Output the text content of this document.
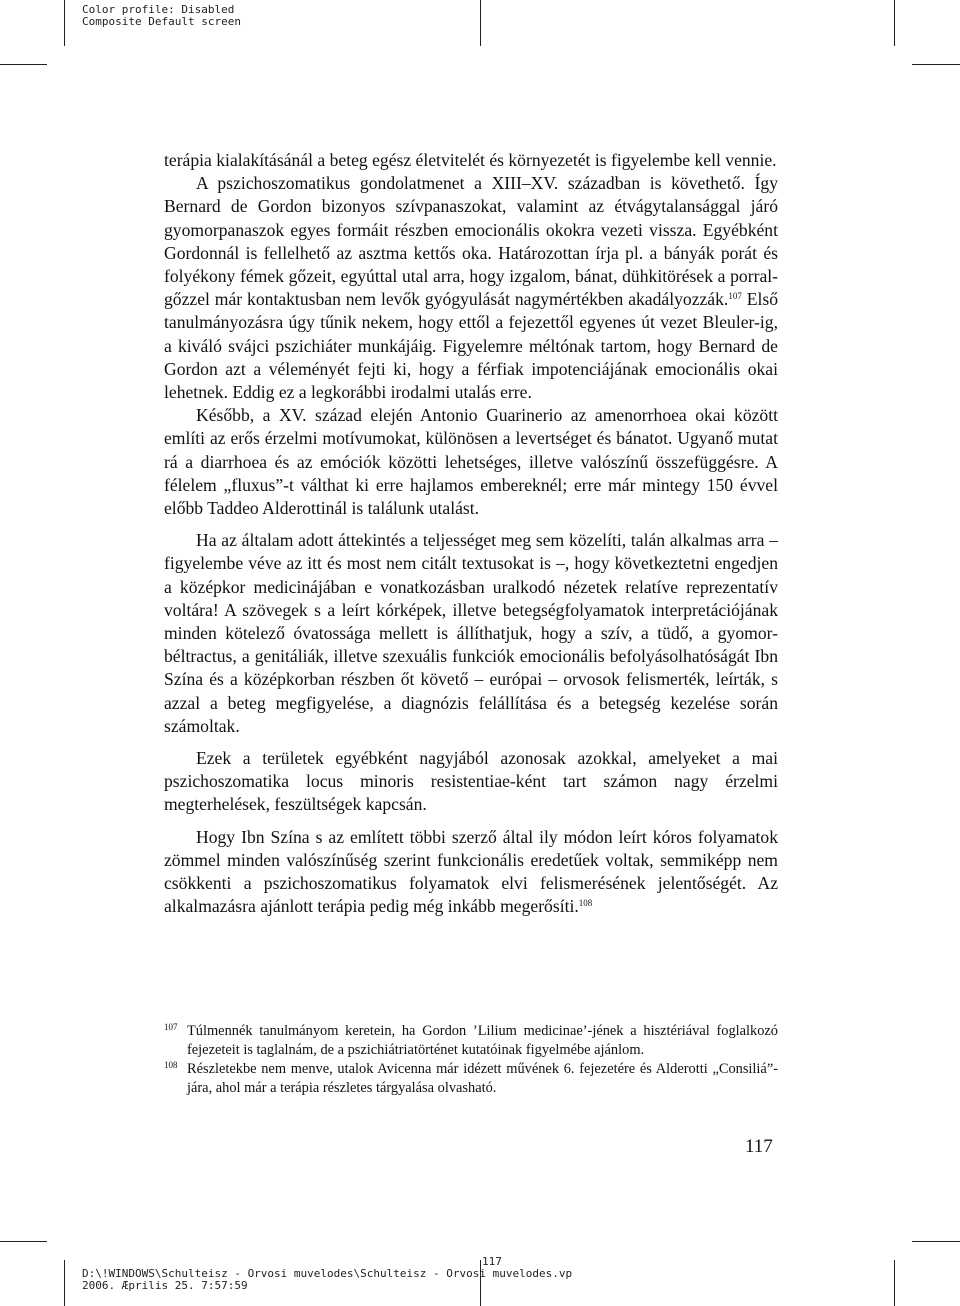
Color profile: Disabled
Composite Default screen

terápia kialakításánál a beteg egész életvitelét és környezetét is figyelembe kell vennie.

A pszichoszomatikus gondolatmenet a XIII–XV. században is követhető. Így Bernard de Gordon bizonyos szívpanaszokat, valamint az étvágytalansággal járó gyomorpanaszok egyes formáit részben emocionális okokra vezeti vissza. Egyébként Gordonnál is fellelhető az asztma kettős oka. Határozottan írja pl. a bányák porát és folyékony fémek gőzeit, egyúttal utal arra, hogy izgalom, bánat, dühkitörések a porral-gőzzel már kontaktusban nem levők gyógyulását nagymértékben akadályozzák.$^{107}$ Első tanulmányozásra úgy tűnik nekem, hogy ettől a fejezettől egyenes út vezet Bleuler-ig, a kiváló svájci pszichiáter munkájáig. Figyelemre méltónak tartom, hogy Bernard de Gordon azt a véleményét fejti ki, hogy a férfiak impotenciájának emocionális okai lehetnek. Eddig ez a legkorábbi irodalmi utalás erre.

Később, a XV. század elején Antonio Guarinerio az amenorrhoea okai között említi az erős érzelmi motívumokat, különösen a levertséget és bánatot. Ugyanő mutat rá a diarrhoea és az emóciók közötti lehetséges, illetve valószínű összefüggésre. A félelem „fluxus”-t válthat ki erre hajlamos embereknél; erre már mintegy 150 évvel előbb Taddeo Alderottinál is találunk utalást.

Ha az általam adott áttekintés a teljességet meg sem közelíti, talán alkalmas arra – figyelembe véve az itt és most nem citált textusokat is –, hogy következtetni engedjen a középkor medicinájában e vonatkozásban uralkodó nézetek relatíve reprezentatív voltára! A szövegek s a leírt kórképek, illetve betegségfolyamatok interpretációjának minden kötelező óvatossága mellett is állíthatjuk, hogy a szív, a tüdő, a gyomor-béltractus, a genitáliák, illetve szexuális funkciók emocionális befolyásolhatóságát Ibn Szína és a középkorban részben őt követő – európai – orvosok felismerték, leírták, s azzal a beteg megfigyelése, a diagnózis felállítása és a betegség kezelése során számoltak.

Ezek a területek egyébként nagyjából azonosak azokkal, amelyeket a mai pszichoszomatika locus minoris resistentiae-ként tart számon nagy érzelmi megterhelések, feszültségek kapcsán.

Hogy Ibn Szína s az említett többi szerző által ily módon leírt kóros folyamatok zömmel minden valószínűség szerint funkcionális eredetűek voltak, semmiképp nem csökkenti a pszichoszomatikus folyamatok elvi felismerésének jelentőségét. Az alkalmazásra ajánlott terápia pedig még inkább megerősíti.$^{108}$

107 Túlmennék tanulmányom keretein, ha Gordon ’Lilium medicinae’-jének a hisztériával foglalkozó fejezeteit is taglalnám, de a pszichiátriatörténet kutatóinak figyelmébe ajánlom.
108 Részletekbe nem menve, utalok Avicenna már idézett művének 6. fejezetére és Alderotti „Consiliá”-jára, ahol már a terápia részletes tárgyalása olvasható.
117
117
D:\!WINDOWS\Schulteisz - Orvosi muvelodes\Schulteisz - Orvosi muvelodes.vp
2006. Æprilis 25. 7:57:59
